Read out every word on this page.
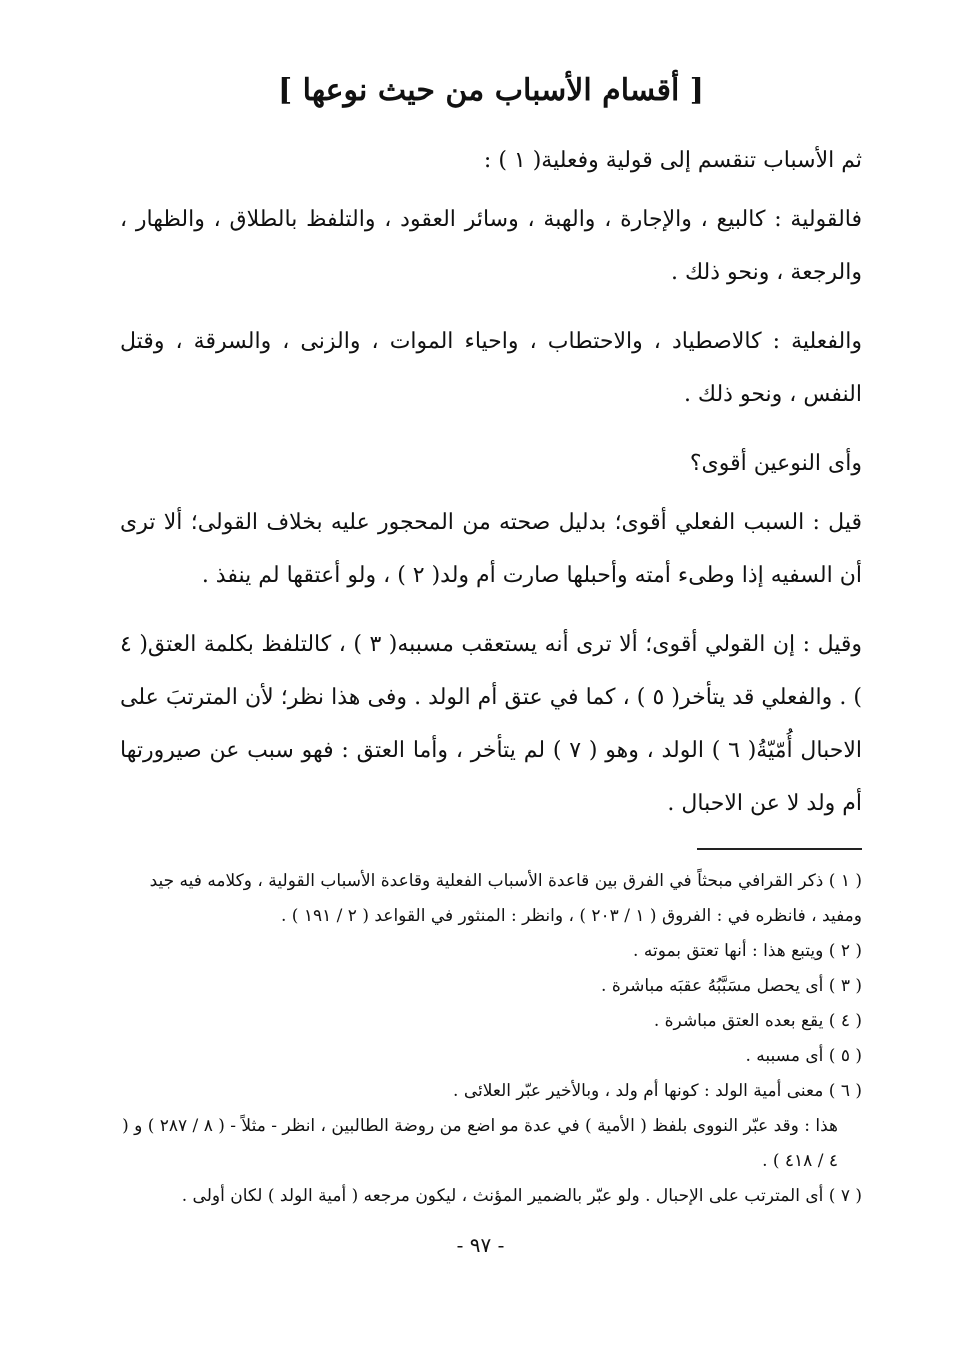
[ أقسام الأسباب من حيث نوعها ]

ثم الأسباب تنقسم إلى قولية وفعلية( ١ ) :

فالقولية : كالبيع ، والإجارة ، والهبة ، وسائر العقود ، والتلفظ بالطلاق ، والظهار ، والرجعة ، ونحو ذلك .

والفعلية : كالاصطياد ، والاحتطاب ، واحياء الموات ، والزنى ، والسرقة ، وقتل النفس ، ونحو ذلك .

وأى النوعين أقوى؟

قيل : السبب الفعلي أقوى؛ بدليل صحته من المحجور عليه بخلاف القولى؛ ألا ترى أن السفيه إذا وطىء أمته وأحبلها صارت أم ولد( ٢ ) ، ولو أعتقها لم ينفذ .

وقيل : إن القولي أقوى؛ ألا ترى أنه يستعقب مسببه( ٣ ) ، كالتلفظ بكلمة العتق( ٤ ) . والفعلي قد يتأخر( ٥ ) ، كما في عتق أم الولد . وفى هذا نظر؛ لأن المترتبَ على الاحبال أُمّيّةُ( ٦ ) الولد ، وهو ( ٧ ) لم يتأخر ، وأما العتق : فهو سبب عن صيرورتها أم ولد لا عن الاحبال .

( ١ ) ذكر القرافي مبحثاً في الفرق بين قاعدة الأسباب الفعلية وقاعدة الأسباب القولية ، وكلامه فيه جيد ومفيد ، فانظره في : الفروق ( ١ / ٢٠٣ ) ، وانظر : المنثور في القواعد ( ٢ / ١٩١ ) .

( ٢ ) ويتبع هذا : أنها تعتق بموته .

( ٣ ) أى يحصل مسَبَّبُهُ عقبَه مباشرة .

( ٤ ) يقع بعده العتق مباشرة .

( ٥ ) أى مسببه .

( ٦ ) معنى أمية الولد : كونها أم ولد ، وبالأخير عبّر العلائى .

هذا : وقد عبّر النووى بلفظ ( الأمية ) في عدة مو اضع من روضة الطالبين ، انظر - مثلاً - ( ٨ / ٢٨٧ ) و ( ٤ / ٤١٨ ) .

( ٧ ) أى المترتب على الإحبال . ولو عبّر بالضمير المؤنث ، ليكون مرجعه ( أمية الولد ) لكان أولى .

- ٩٧ -
